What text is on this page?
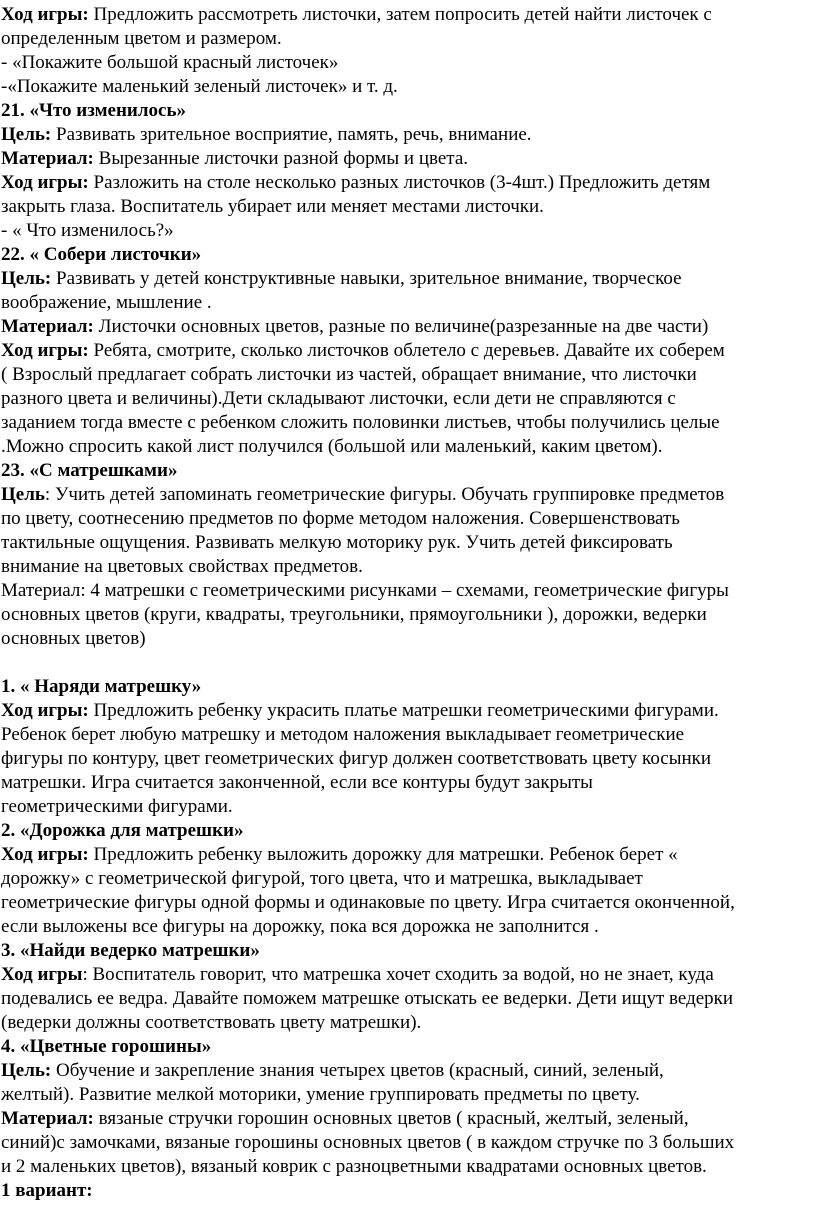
Ход игры: Предложить рассмотреть листочки, затем попросить детей найти листочек с
определенным цветом и размером.
- «Покажите большой красный листочек»
-«Покажите маленький зеленый листочек» и т. д.
21. «Что изменилось»
Цель: Развивать зрительное восприятие, память, речь, внимание.
Материал: Вырезанные листочки разной формы и цвета.
Ход игры: Разложить на столе несколько разных листочков (3-4шт.) Предложить детям
закрыть глаза. Воспитатель убирает или меняет местами листочки.
- « Что изменилось?»
22. « Собери листочки»
Цель: Развивать у детей конструктивные навыки, зрительное внимание, творческое
воображение, мышление .
Материал: Листочки основных цветов, разные по величине(разрезанные на две части)
Ход игры: Ребята, смотрите, сколько листочков облетело с деревьев. Давайте их соберем
( Взрослый предлагает собрать листочки из частей, обращает внимание, что листочки
разного цвета и величины).Дети складывают листочки, если дети не справляются с
заданием тогда вместе с ребенком сложить половинки листьев, чтобы получились целые
.Можно спросить какой лист получился (большой или маленький, каким цветом).
23. «С матрешками»
Цель: Учить детей запоминать геометрические фигуры. Обучать группировке предметов
по цвету, соотнесению предметов по форме методом наложения. Совершенствовать
тактильные ощущения. Развивать мелкую моторику рук. Учить детей фиксировать
внимание на цветовых свойствах предметов.
Материал: 4 матрешки с геометрическими рисунками – схемами, геометрические фигуры
основных цветов (круги, квадраты, треугольники, прямоугольники ), дорожки, ведерки
основных цветов)
1. « Наряди матрешку»
Ход игры: Предложить ребенку украсить платье матрешки геометрическими фигурами.
Ребенок берет любую матрешку и методом наложения выкладывает геометрические
фигуры по контуру, цвет геометрических фигур должен соответствовать цвету косынки
матрешки. Игра считается законченной, если все контуры будут закрыты
геометрическими фигурами.
2. «Дорожка для матрешки»
Ход игры: Предложить ребенку выложить дорожку для матрешки. Ребенок берет «
дорожку» с геометрической фигурой, того цвета, что и матрешка, выкладывает
геометрические фигуры одной формы и одинаковые по цвету. Игра считается оконченной,
если выложены все фигуры на дорожку, пока вся дорожка не заполнится .
3. «Найди ведерко матрешки»
Ход игры: Воспитатель говорит, что матрешка хочет сходить за водой, но не знает, куда
подевались ее ведра. Давайте поможем матрешке отыскать ее ведерки. Дети ищут ведерки
(ведерки должны соответствовать цвету матрешки).
4. «Цветные горошины»
Цель: Обучение и закрепление знания четырех цветов (красный, синий, зеленый,
желтый). Развитие мелкой моторики, умение группировать предметы по цвету.
Материал: вязаные стручки горошин основных цветов ( красный, желтый, зеленый,
синий)с замочками, вязаные горошины основных цветов ( в каждом стручке по 3 больших
и 2 маленьких цветов), вязаный коврик с разноцветными квадратами основных цветов.
1 вариант:
